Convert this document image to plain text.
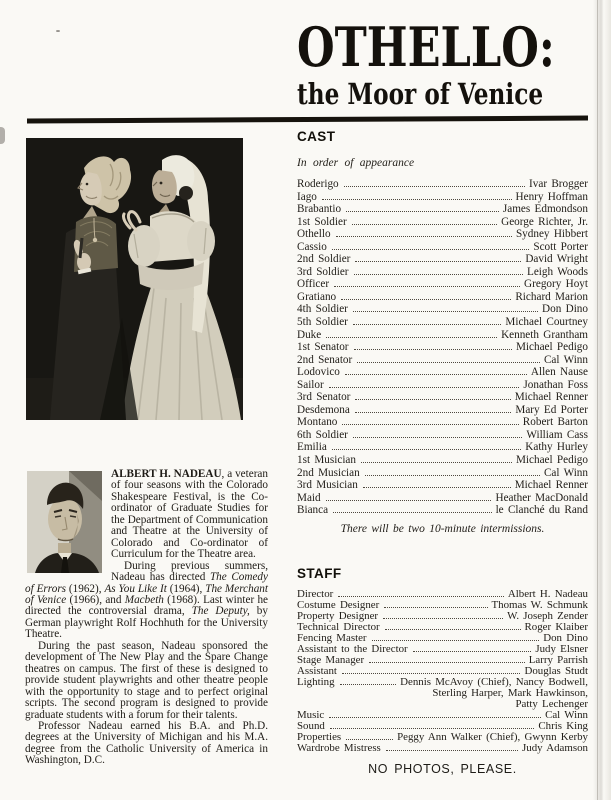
OTHELLO:
the Moor of Venice
CAST

In order of appearance

Roderigo	Ivar Brogger
Iago	Henry Hoffman
Brabantio	James Edmondson
1st Soldier	George Richter, Jr.
Othello	Sydney Hibbert
Cassio	Scott Porter
2nd Soldier	David Wright
3rd Soldier	Leigh Woods
Officer	Gregory Hoyt
Gratiano	Richard Marion
4th Soldier	Don Dino
5th Soldier	Michael Courtney
Duke	Kenneth Grantham
1st Senator	Michael Pedigo
2nd Senator	Cal Winn
Lodovico	Allen Nause
Sailor	Jonathan Foss
3rd Senator	Michael Renner
Desdemona	Mary Ed Porter
Montano	Robert Barton
6th Soldier	William Cass
Emilia	Kathy Hurley
1st Musician	Michael Pedigo
2nd Musician	Cal Winn
3rd Musician	Michael Renner
Maid	Heather MacDonald
Bianca	le Clanché du Rand

There will be two 10-minute intermissions.

STAFF
Director	Albert H. Nadeau
Costume Designer	Thomas W. Schmunk
Property Designer	W. Joseph Zender
Technical Director	Roger Klaiber
Fencing Master	Don Dino
Assistant to the Director	Judy Elsner
Stage Manager	Larry Parrish
Assistant	Douglas Studt
Lighting	Dennis McAvoy (Chief), Nancy Bodwell,
Sterling Harper, Mark Hawkinson,
Patty Lechenger
Music	Cal Winn
Sound	Chris King
Properties	Peggy Ann Walker (Chief), Gwynn Kerby
Wardrobe Mistress	Judy Adamson

NO PHOTOS, PLEASE.

ALBERT H. NADEAU, a veteran of four seasons with the Colorado Shakespeare Festival, is the Co-ordinator of Graduate Studies for the Department of Communication and Theatre at the University of Colorado and Co-ordinator of Curriculum for the Theatre area.

During previous summers, Nadeau has directed The Comedy of Errors (1962), As You Like It (1964), The Merchant of Venice (1966), and Macbeth (1968). Last winter he directed the controversial drama, The Deputy, by German playwright Rolf Hochhuth for the University Theatre.

During the past season, Nadeau sponsored the development of The New Play and the Spare Change theatres on campus. The first of these is designed to provide student playwrights and other theatre people with the opportunity to stage and to perfect original scripts. The second program is designed to provide graduate students with a forum for their talents.

Professor Nadeau earned his B.A. and Ph.D. degrees at the University of Michigan and his M.A. degree from the Catholic University of America in Washington, D.C.
